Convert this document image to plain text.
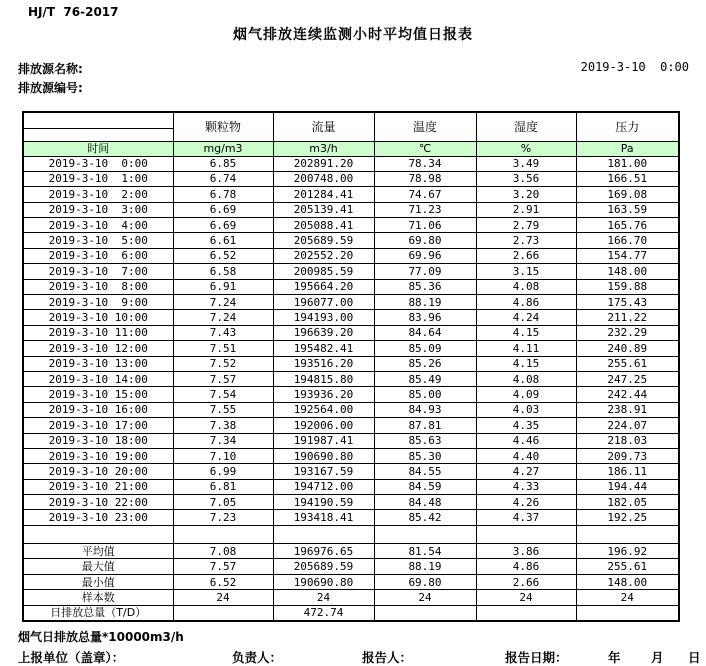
HJ/T  76-2017
烟气排放连续监测小时平均值日报表
排放源名称:
排放源编号:
2019-3-10  0:00
	颗粒物	流量	温度	湿度	压力

时间	mg/m3	m3/h	℃	%	Pa
2019-3-10  0:00	6.85	202891.20	78.34	3.49	181.00
2019-3-10  1:00	6.74	200748.00	78.98	3.56	166.51
2019-3-10  2:00	6.78	201284.41	74.67	3.20	169.08
2019-3-10  3:00	6.69	205139.41	71.23	2.91	163.59
2019-3-10  4:00	6.69	205088.41	71.06	2.79	165.76
2019-3-10  5:00	6.61	205689.59	69.80	2.73	166.70
2019-3-10  6:00	6.52	202552.20	69.96	2.66	154.77
2019-3-10  7:00	6.58	200985.59	77.09	3.15	148.00
2019-3-10  8:00	6.91	195664.20	85.36	4.08	159.88
2019-3-10  9:00	7.24	196077.00	88.19	4.86	175.43
2019-3-10 10:00	7.24	194193.00	83.96	4.24	211.22
2019-3-10 11:00	7.43	196639.20	84.64	4.15	232.29
2019-3-10 12:00	7.51	195482.41	85.09	4.11	240.89
2019-3-10 13:00	7.52	193516.20	85.26	4.15	255.61
2019-3-10 14:00	7.57	194815.80	85.49	4.08	247.25
2019-3-10 15:00	7.54	193936.20	85.00	4.09	242.44
2019-3-10 16:00	7.55	192564.00	84.93	4.03	238.91
2019-3-10 17:00	7.38	192006.00	87.81	4.35	224.07
2019-3-10 18:00	7.34	191987.41	85.63	4.46	218.03
2019-3-10 19:00	7.10	190690.80	85.30	4.40	209.73
2019-3-10 20:00	6.99	193167.59	84.55	4.27	186.11
2019-3-10 21:00	6.81	194712.00	84.59	4.33	194.44
2019-3-10 22:00	7.05	194190.59	84.48	4.26	182.05
2019-3-10 23:00	7.23	193418.41	85.42	4.37	192.25

平均值	7.08	196976.65	81.54	3.86	196.92
最大值	7.57	205689.59	88.19	4.86	255.61
最小值	6.52	190690.80	69.80	2.66	148.00
样本数	24	24	24	24	24
日排放总量（T/D）		472.74			
烟气日排放总量*10000m3/h
上报单位（盖章）：	负责人：	报告人：	报告日期：	年 月 日
